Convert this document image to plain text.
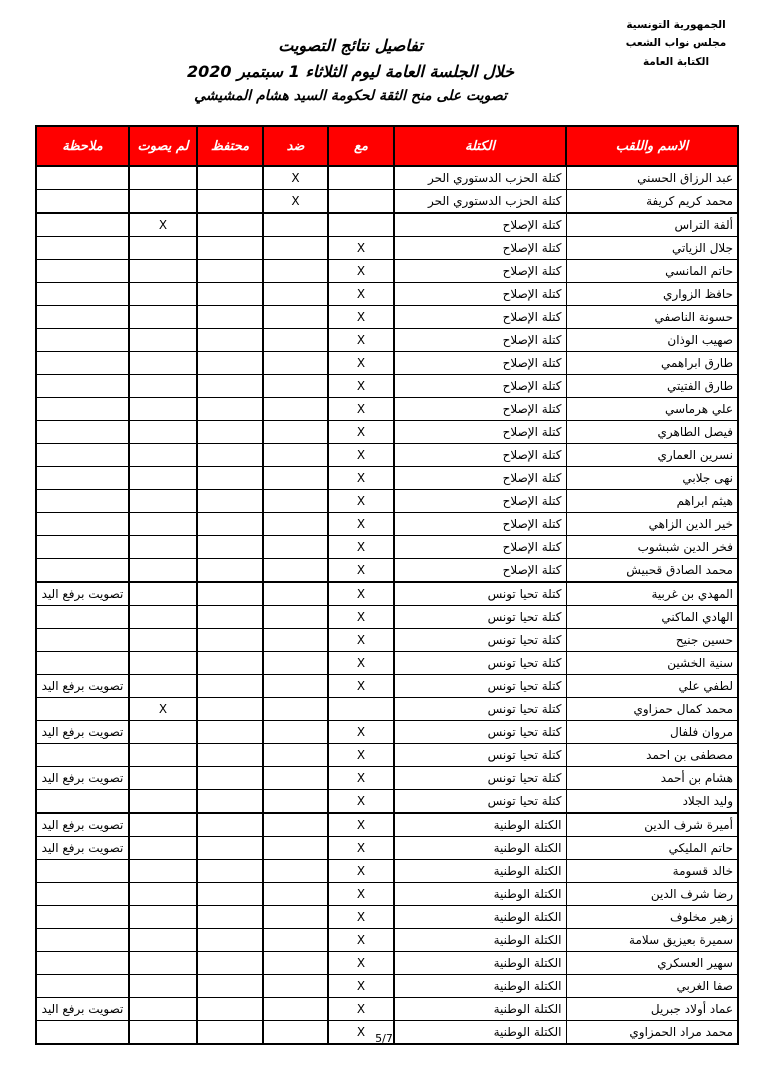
الجمهورية التونسية
مجلس نواب الشعب
الكتابة العامة
تفاصيل نتائج التصويت
خلال الجلسة العامة ليوم الثلاثاء 1 سبتمبر 2020
تصويت على منح الثقة لحكومة السيد هشام المشيشي
الاسم واللقب	الكتلة	مع	ضد	محتفظ	لم يصوت	ملاحظة
عبد الرزاق الحسني	كتلة الحزب الدستوري الحر		X			
محمد كريم كريفة	كتلة الحزب الدستوري الحر		X			
ألفة التراس	كتلة الإصلاح				X	
جلال الزياتي	كتلة الإصلاح	X				
حاتم المانسي	كتلة الإصلاح	X				
حافظ الزواري	كتلة الإصلاح	X				
حسونة الناصفي	كتلة الإصلاح	X				
صهيب الوذان	كتلة الإصلاح	X				
طارق ابراهمي	كتلة الإصلاح	X				
طارق الفتيتي	كتلة الإصلاح	X				
علي هرماسي	كتلة الإصلاح	X				
فيصل الطاهري	كتلة الإصلاح	X				
نسرين العماري	كتلة الإصلاح	X				
نهى جلابي	كتلة الإصلاح	X				
هيثم ابراهم	كتلة الإصلاح	X				
خير الدين الزاهي	كتلة الإصلاح	X				
فخر الدين شبشوب	كتلة الإصلاح	X				
محمد الصادق قحبيش	كتلة الإصلاح	X				
المهدي بن غربية	كتلة تحيا تونس	X				تصويت برفع اليد
الهادي الماكني	كتلة تحيا تونس	X				
حسين جنيح	كتلة تحيا تونس	X				
سنية الخشين	كتلة تحيا تونس	X				
لطفي علي	كتلة تحيا تونس	X				تصويت برفع اليد
محمد كمال حمزاوي	كتلة تحيا تونس				X	
مروان فلفال	كتلة تحيا تونس	X				تصويت برفع اليد
مصطفى بن احمد	كتلة تحيا تونس	X				
هشام بن أحمد	كتلة تحيا تونس	X				تصويت برفع اليد
وليد الجلاد	كتلة تحيا تونس	X				
أميرة شرف الدين	الكتلة الوطنية	X				تصويت برفع اليد
حاتم المليكي	الكتلة الوطنية	X				تصويت برفع اليد
خالد قسومة	الكتلة الوطنية	X				
رضا شرف الدين	الكتلة الوطنية	X				
زهير مخلوف	الكتلة الوطنية	X				
سميرة بعيزيق سلامة	الكتلة الوطنية	X				
سهير العسكري	الكتلة الوطنية	X				
صفا الغربي	الكتلة الوطنية	X				
عماد أولاد جبريل	الكتلة الوطنية	X				تصويت برفع اليد
محمد مراد الحمزاوي	الكتلة الوطنية	X				5/7
